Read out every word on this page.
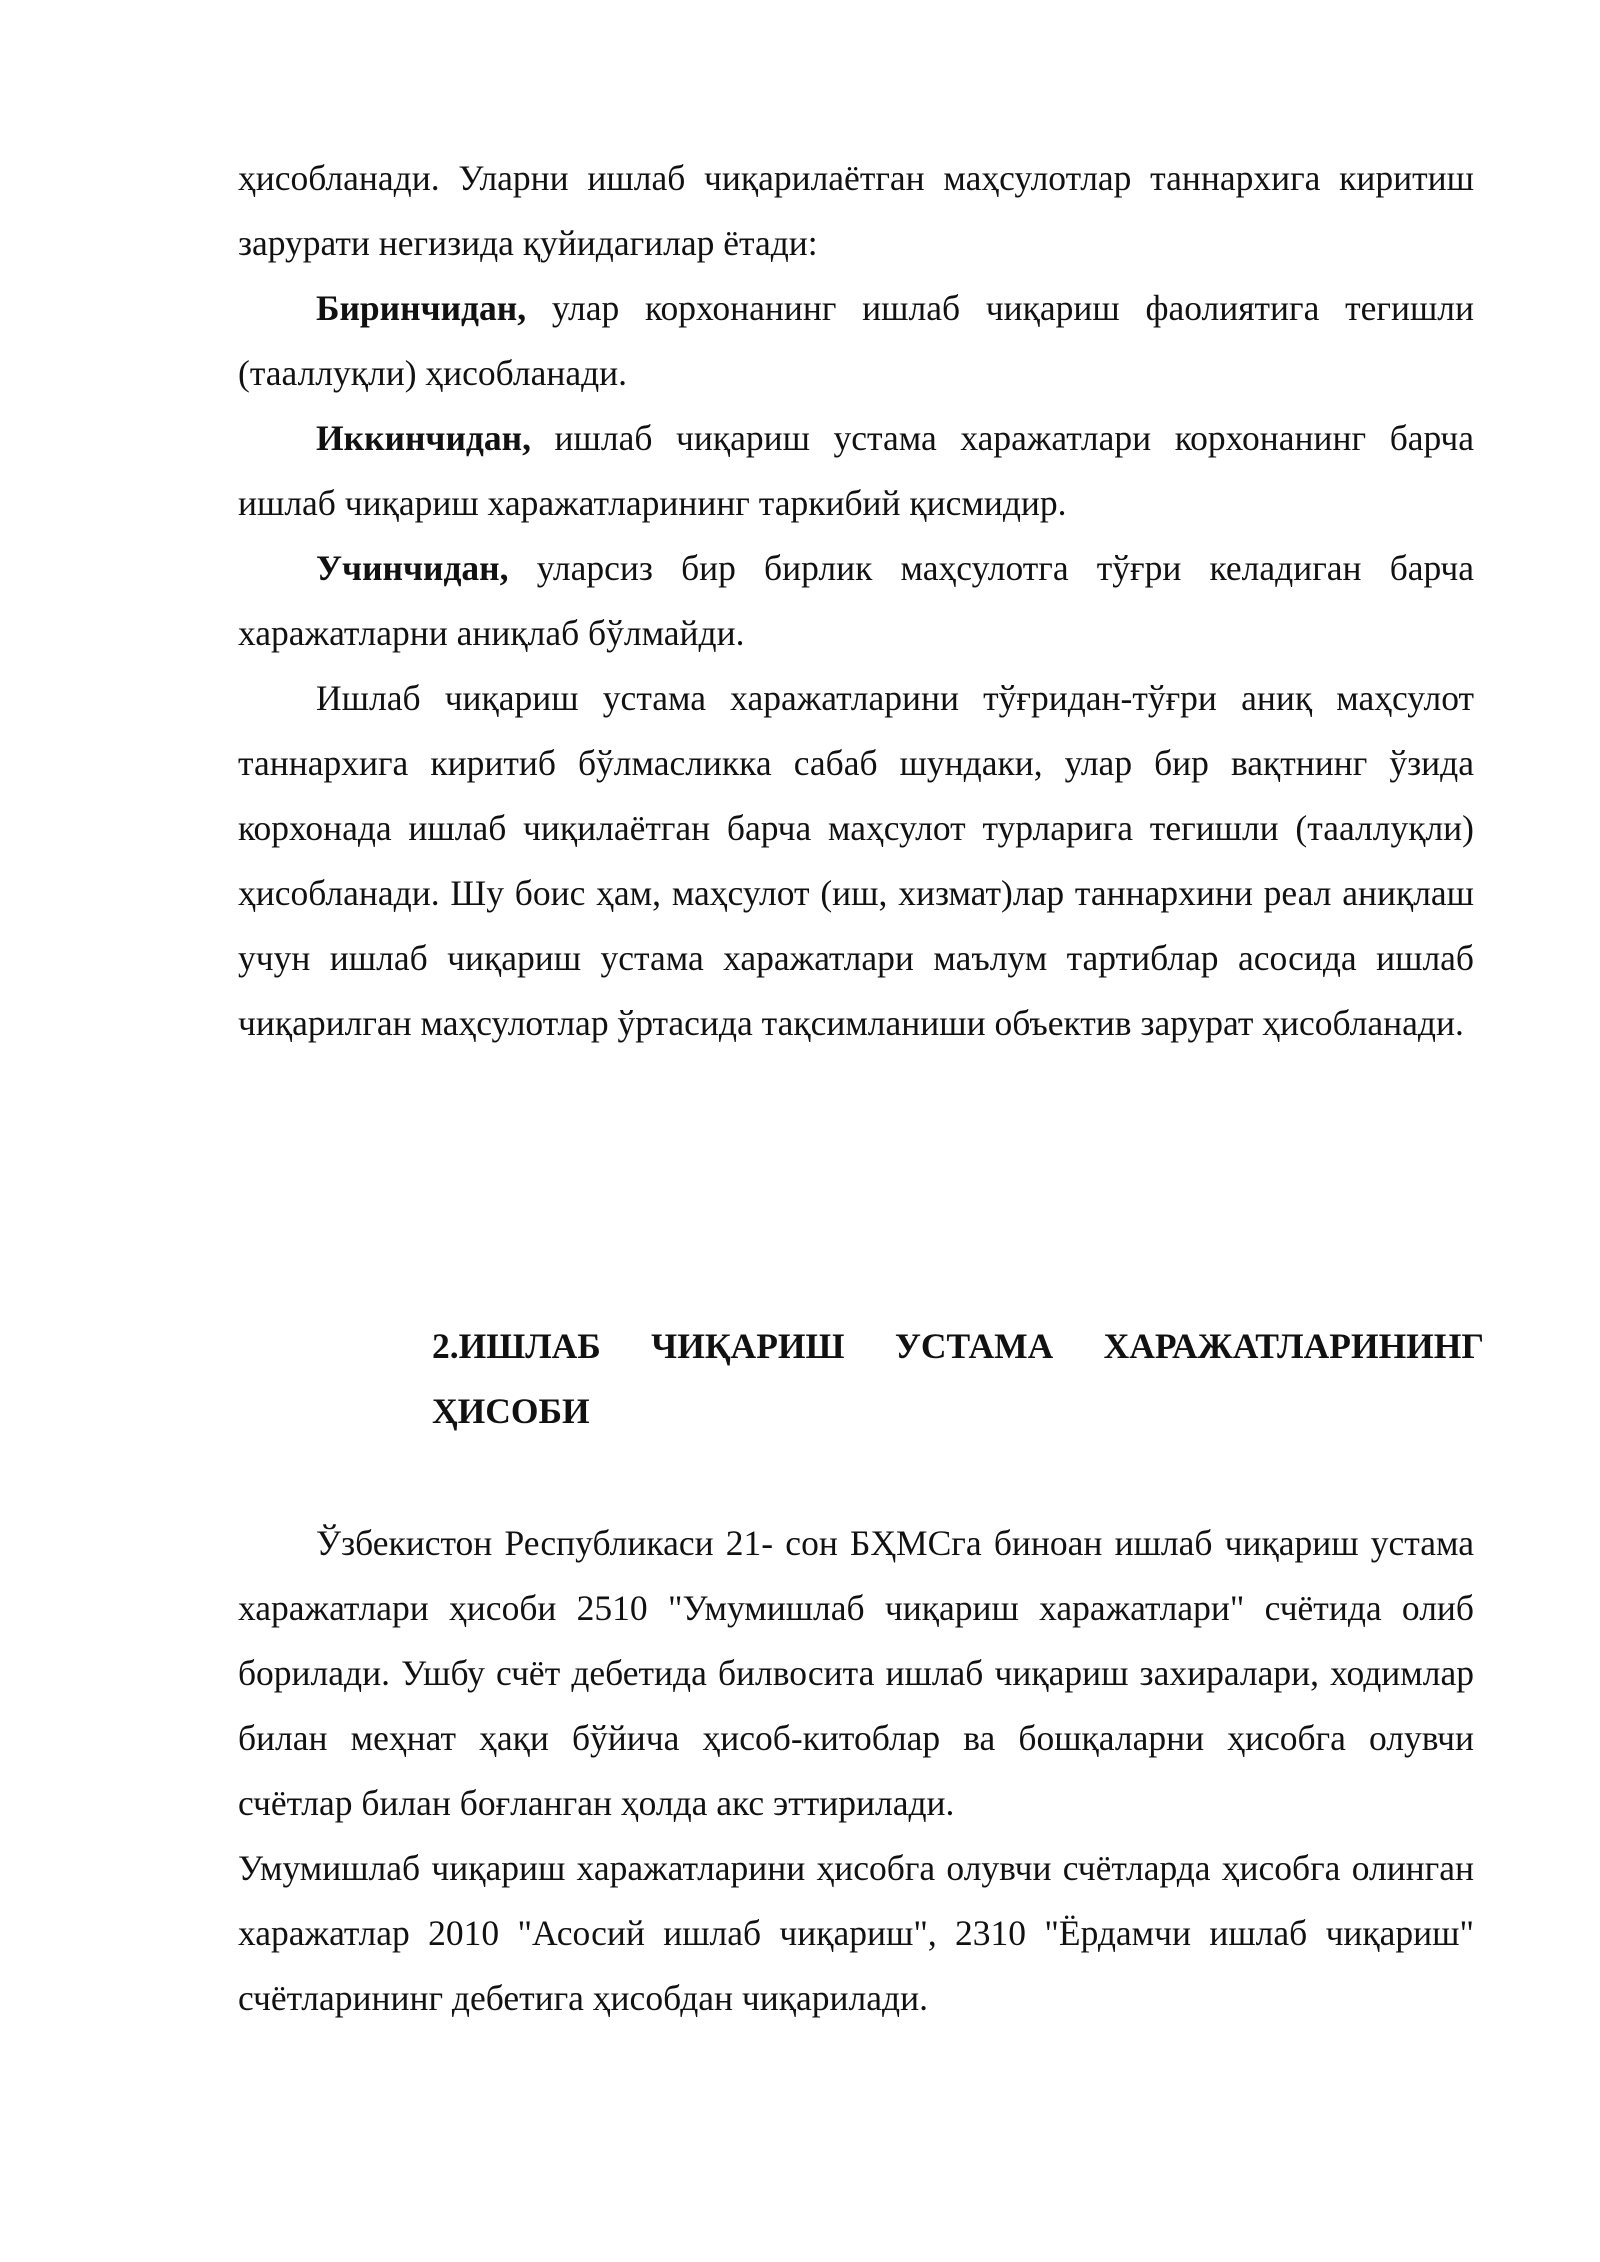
ҳисобланади. Уларни ишлаб чиқарилаётган маҳсулотлар таннархига киритиш зарурати негизида қуйидагилар ётади:

Биринчидан, улар корхонанинг ишлаб чиқариш фаолиятига тегишли (тааллуқли) ҳисобланади.

Иккинчидан, ишлаб чиқариш устама харажатлари корхонанинг барча ишлаб чиқариш харажатларининг таркибий қисмидир.

Учинчидан, уларсиз бир бирлик маҳсулотга тўғри келадиган барча харажатларни аниқлаб бўлмайди.

Ишлаб чиқариш устама харажатларини тўғридан-тўғри аниқ маҳсулот таннархига киритиб бўлмасликка сабаб шундаки, улар бир вақтнинг ўзида корхонада ишлаб чиқилаётган барча маҳсулот турларига тегишли (тааллуқли) ҳисобланади. Шу боис ҳам, маҳсулот (иш, хизмат)лар таннархини реал аниқлаш учун ишлаб чиқариш устама харажатлари маълум тартиблар асосида ишлаб чиқарилган маҳсулотлар ўртасида тақсимланиши объектив зарурат ҳисобланади.

2.ИШЛАБ ЧИҚАРИШ УСТАМА ХАРАЖАТЛАРИНИНГ ҲИСОБИ

Ўзбекистон Республикаси 21- сон БҲМСга биноан ишлаб чиқариш устама харажатлари ҳисоби 2510 "Умумишлаб чиқариш харажатлари" счётида олиб борилади. Ушбу счёт дебетида билвосита ишлаб чиқариш захиралари, ходимлар билан меҳнат ҳақи бўйича ҳисоб-китоблар ва бошқаларни ҳисобга олувчи счётлар билан боғланган ҳолда акс эттирилади.

Умумишлаб чиқариш харажатларини ҳисобга олувчи счётларда ҳисобга олинган харажатлар 2010 "Асосий ишлаб чиқариш", 2310 "Ёрдамчи ишлаб чиқариш" счётларининг дебетига ҳисобдан чиқарилади.
